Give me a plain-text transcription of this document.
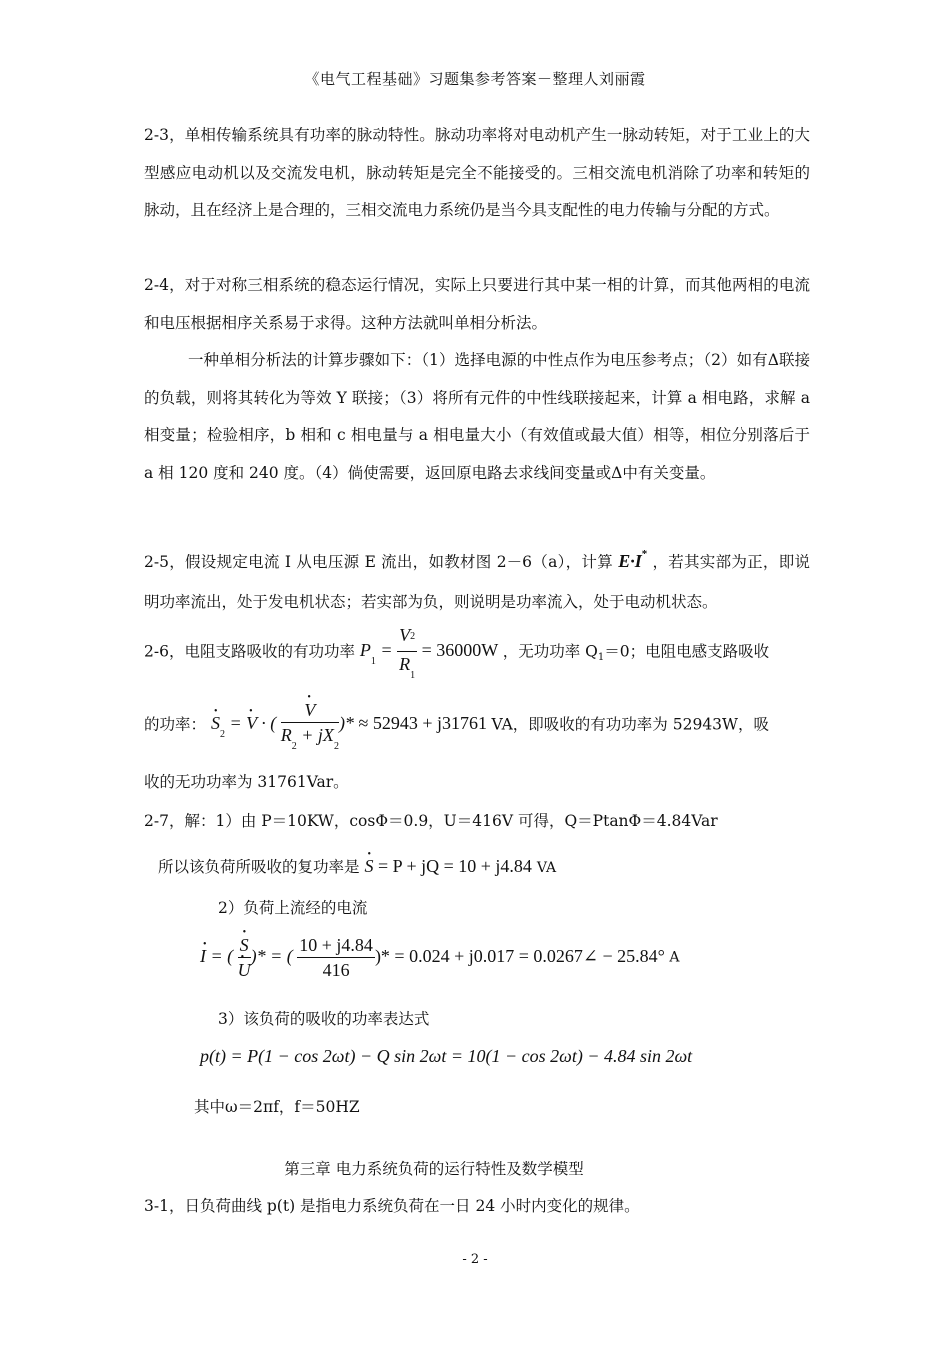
《电气工程基础》习题集参考答案－整理人刘丽霞
2-3，单相传输系统具有功率的脉动特性。脉动功率将对电动机产生一脉动转矩，对于工业上的大型感应电动机以及交流发电机，脉动转矩是完全不能接受的。三相交流电机消除了功率和转矩的脉动，且在经济上是合理的，三相交流电力系统仍是当今具支配性的电力传输与分配的方式。
2-4，对于对称三相系统的稳态运行情况，实际上只要进行其中某一相的计算，而其他两相的电流和电压根据相序关系易于求得。这种方法就叫单相分析法。
一种单相分析法的计算步骤如下：（1）选择电源的中性点作为电压参考点；（2）如有Δ联接的负载，则将其转化为等效 Y 联接；（3）将所有元件的中性线联接起来，计算 a 相电路，求解 a 相变量；检验相序，b 相和 c 相电量与 a 相电量大小（有效值或最大值）相等，相位分别落后于 a 相 120 度和 240 度。（4）倘使需要，返回原电路去求线间变量或Δ中有关变量。
2-5，假设规定电流 I 从电压源 E 流出，如教材图 2－6（a），计算 E·• I* ，若其实部为正，即说明功率流出，处于发电机状态；若实部为负，则说明是功率流入，处于电动机状态。
2-6，电阻支路吸收的有功功率 $P_1 = \frac{V2}{R_1} = 36000W$ ，无功功率 $Q_1=0$；电阻电感支路吸收
的功率： • $S_2$ = • V · ( • $\frac{V}{R_2 + jX_2}$ )* ≈ 52943 + j31761 VA，即吸收的有功功率为 52943W，吸
收的无功功率为 31761Var。
2-7，解：1）由 P＝10KW，cosΦ＝0.9，U＝416V 可得，Q＝PtanΦ＝4.84Var
所以该负荷所吸收的复功率是 • S = P + jQ = 10 + j4.84 VA
2）负荷上流经的电流
• I = ( • S
• U )* = ( $\frac{10 + j4.84}{416}$ )* = 0.024 + j0.017 = 0.0267∠ − 25.84° A
3）该负荷的吸收的功率表达式
p(t) = P(1 − cos 2ωt) − Q sin 2ωt = 10(1 − cos 2ωt) − 4.84 sin 2ωt
其中ω＝2πf，f＝50HZ
第三章 电力系统负荷的运行特性及数学模型
3-1，日负荷曲线 p(t) 是指电力系统负荷在一日 24 小时内变化的规律。
- 2 -
